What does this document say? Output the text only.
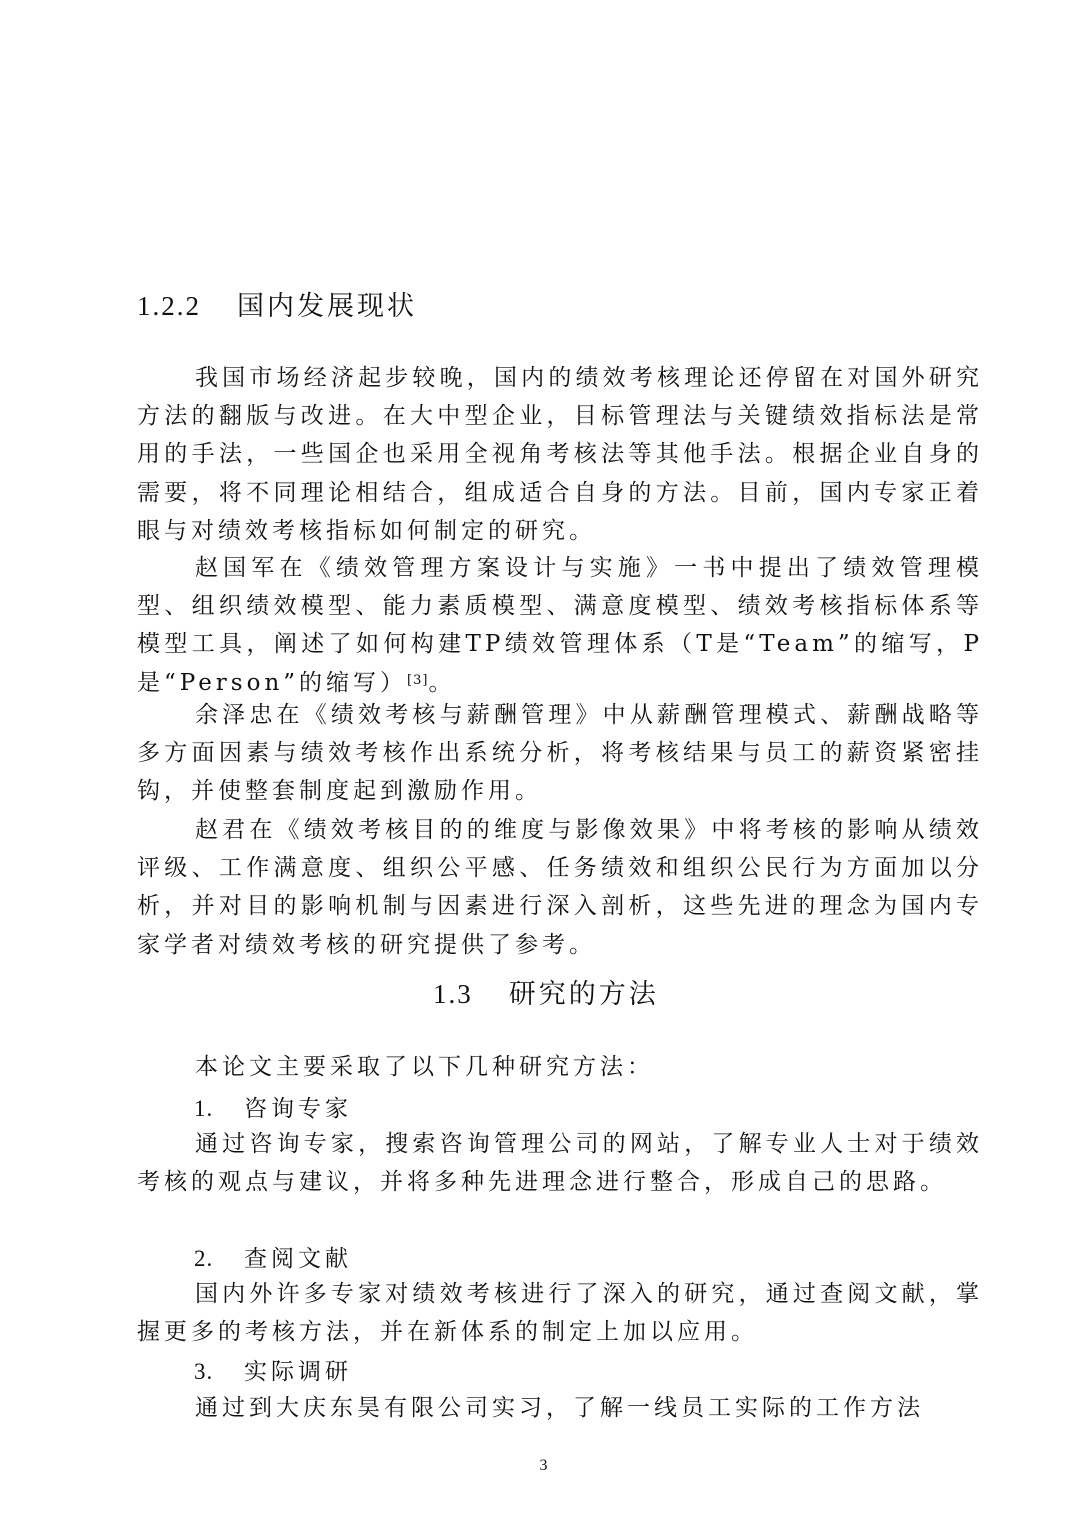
1.2.2 国内发展现状

我国市场经济起步较晚，国内的绩效考核理论还停留在对国外研究方法的翻版与改进。在大中型企业，目标管理法与关键绩效指标法是常用的手法，一些国企也采用全视角考核法等其他手法。根据企业自身的需要，将不同理论相结合，组成适合自身的方法。目前，国内专家正着眼与对绩效考核指标如何制定的研究。

赵国军在《绩效管理方案设计与实施》一书中提出了绩效管理模型、组织绩效模型、能力素质模型、满意度模型、绩效考核指标体系等模型工具，阐述了如何构建TP绩效管理体系（T是“Team”的缩写，P是“Person”的缩写）[3]。

余泽忠在《绩效考核与薪酬管理》中从薪酬管理模式、薪酬战略等多方面因素与绩效考核作出系统分析，将考核结果与员工的薪资紧密挂钩，并使整套制度起到激励作用。

赵君在《绩效考核目的的维度与影像效果》中将考核的影响从绩效评级、工作满意度、组织公平感、任务绩效和组织公民行为方面加以分析，并对目的影响机制与因素进行深入剖析，这些先进的理念为国内专家学者对绩效考核的研究提供了参考。

1.3 研究的方法

本论文主要采取了以下几种研究方法：

1. 咨询专家

通过咨询专家，搜索咨询管理公司的网站，了解专业人士对于绩效考核的观点与建议，并将多种先进理念进行整合，形成自己的思路。

2. 查阅文献

国内外许多专家对绩效考核进行了深入的研究，通过查阅文献，掌握更多的考核方法，并在新体系的制定上加以应用。

3. 实际调研

通过到大庆东昊有限公司实习，了解一线员工实际的工作方法

3
